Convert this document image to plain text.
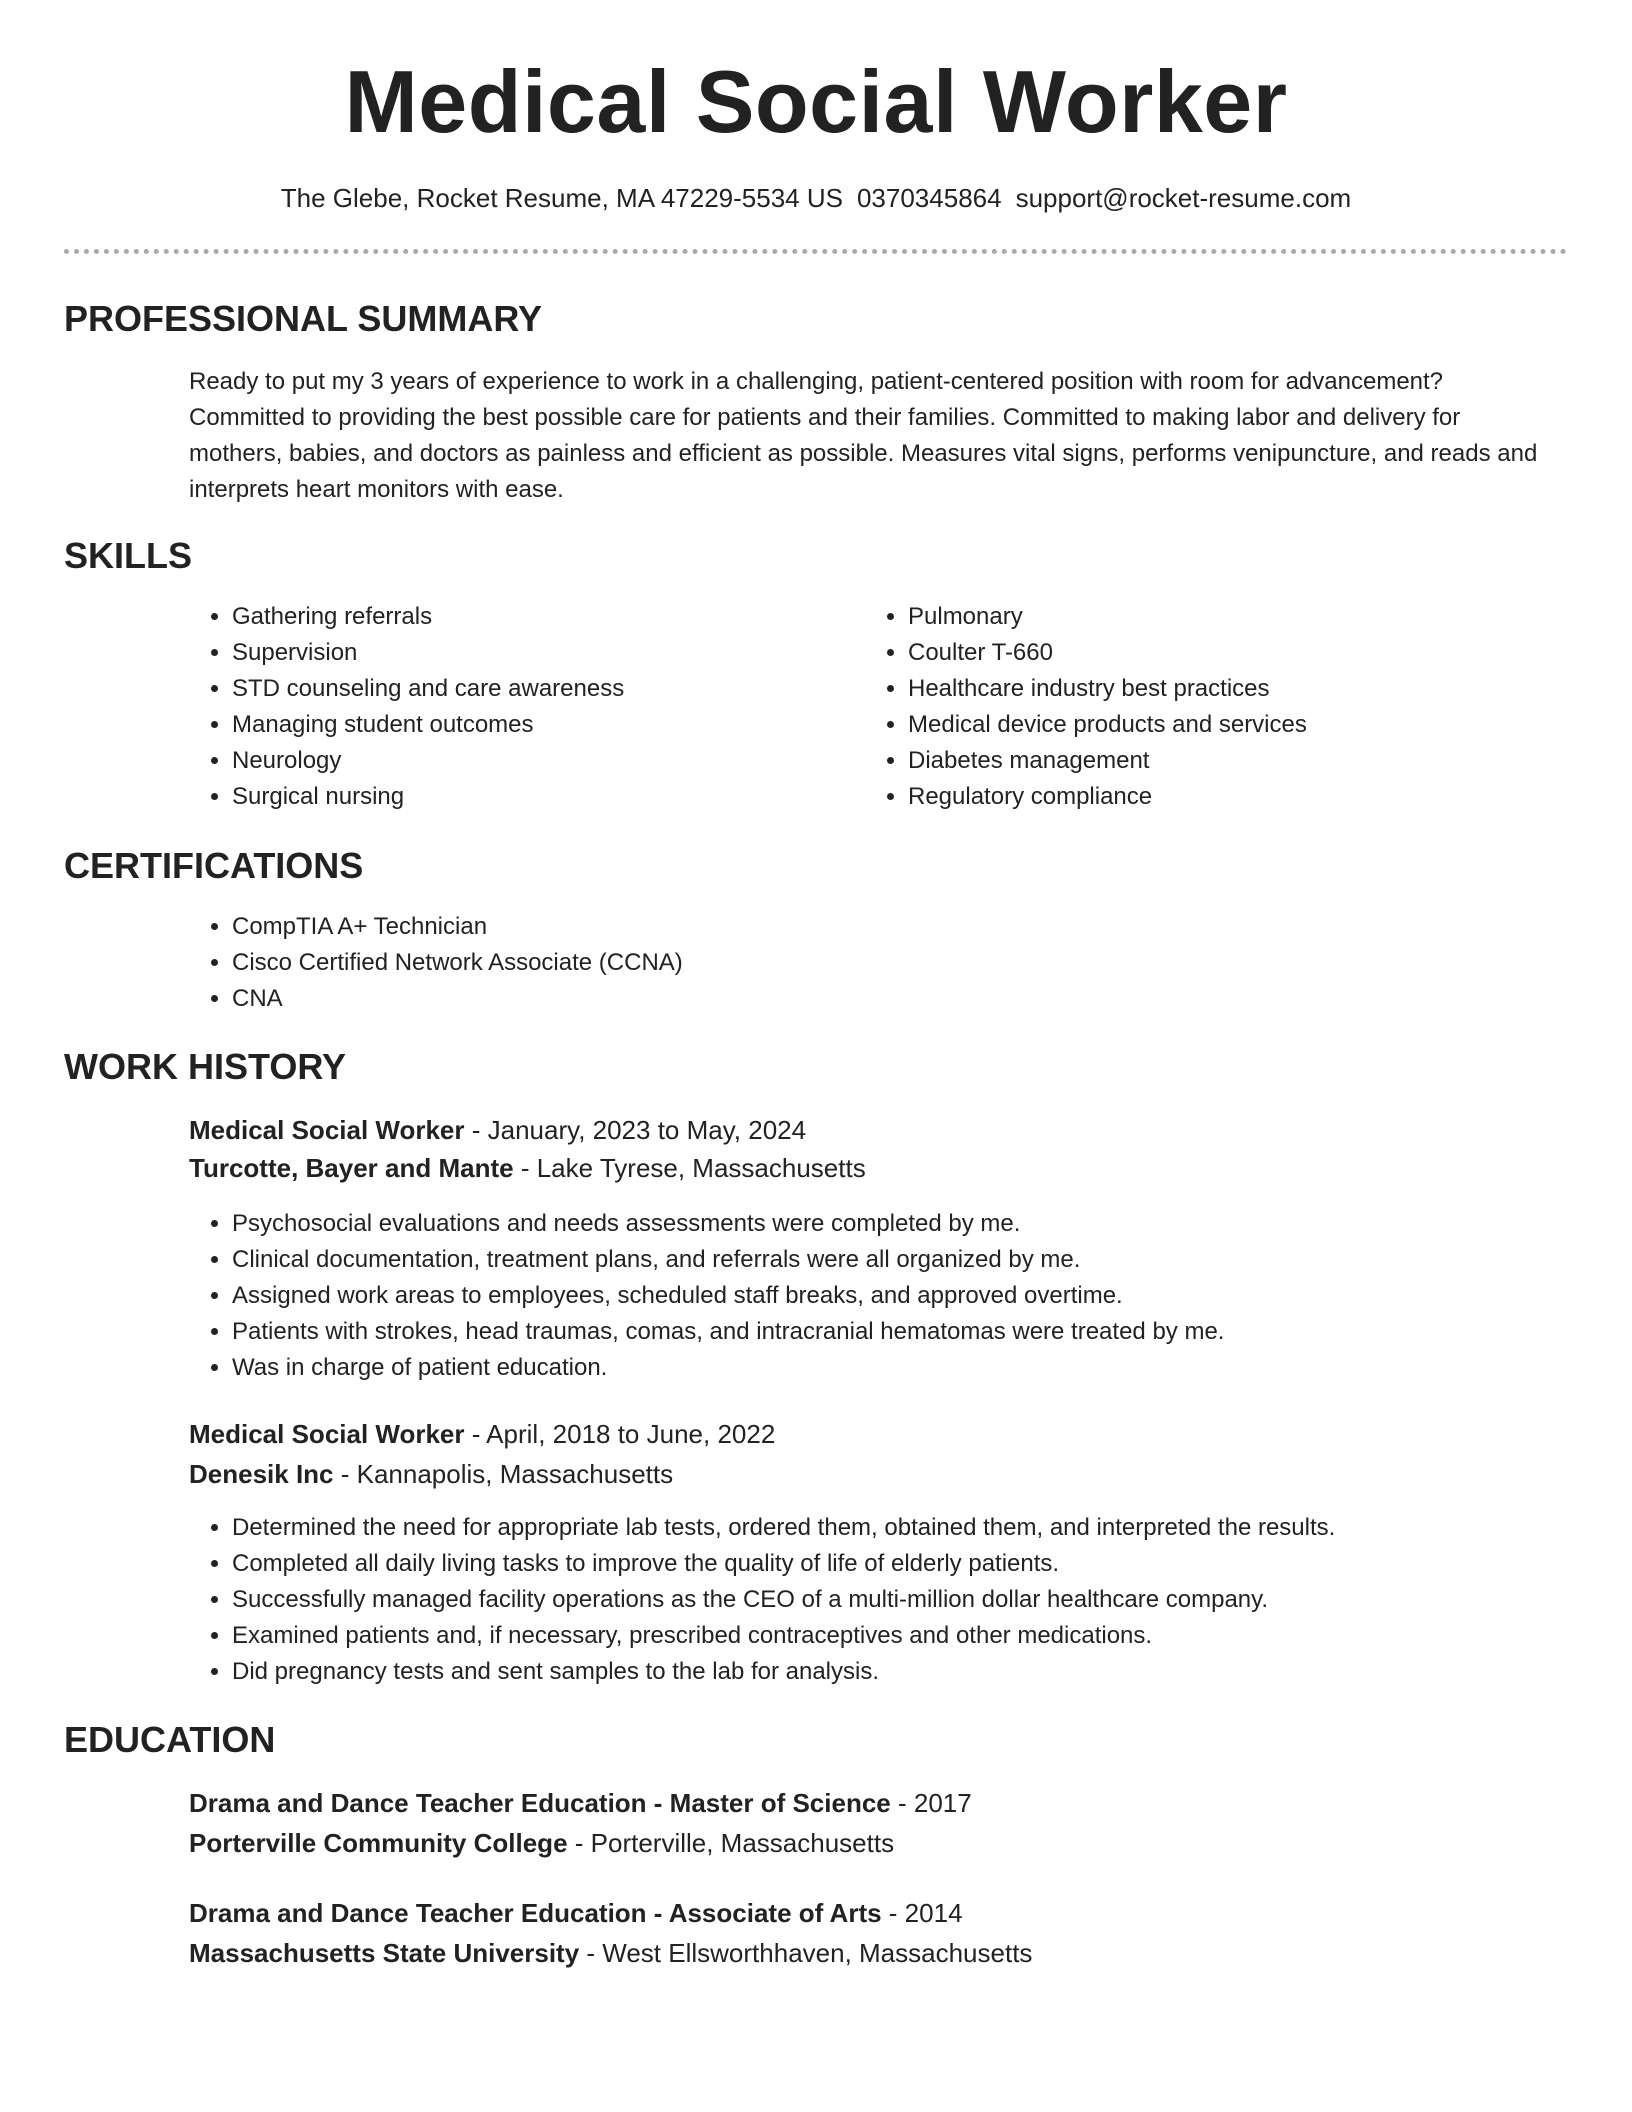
Medical Social Worker
The Glebe, Rocket Resume, MA 47229-5534 US 0370345864 support@rocket-resume.com
PROFESSIONAL SUMMARY

Ready to put my 3 years of experience to work in a challenging, patient-centered position with room for advancement? Committed to providing the best possible care for patients and their families. Committed to making labor and delivery for mothers, babies, and doctors as painless and efficient as possible. Measures vital signs, performs venipuncture, and reads and interprets heart monitors with ease.

SKILLS
• Gathering referrals
• Supervision
• STD counseling and care awareness
• Managing student outcomes
• Neurology
• Surgical nursing
• Pulmonary
• Coulter T-660
• Healthcare industry best practices
• Medical device products and services
• Diabetes management
• Regulatory compliance
CERTIFICATIONS
• CompTIA A+ Technician
• Cisco Certified Network Associate (CCNA)
• CNA
WORK HISTORY
Medical Social Worker - January, 2023 to May, 2024
Turcotte, Bayer and Mante - Lake Tyrese, Massachusetts
• Psychosocial evaluations and needs assessments were completed by me.
• Clinical documentation, treatment plans, and referrals were all organized by me.
• Assigned work areas to employees, scheduled staff breaks, and approved overtime.
• Patients with strokes, head traumas, comas, and intracranial hematomas were treated by me.
• Was in charge of patient education.
Medical Social Worker - April, 2018 to June, 2022
Denesik Inc - Kannapolis, Massachusetts
• Determined the need for appropriate lab tests, ordered them, obtained them, and interpreted the results.
• Completed all daily living tasks to improve the quality of life of elderly patients.
• Successfully managed facility operations as the CEO of a multi-million dollar healthcare company.
• Examined patients and, if necessary, prescribed contraceptives and other medications.
• Did pregnancy tests and sent samples to the lab for analysis.
EDUCATION
Drama and Dance Teacher Education - Master of Science - 2017
Porterville Community College - Porterville, Massachusetts
Drama and Dance Teacher Education - Associate of Arts - 2014
Massachusetts State University - West Ellsworthhaven, Massachusetts
